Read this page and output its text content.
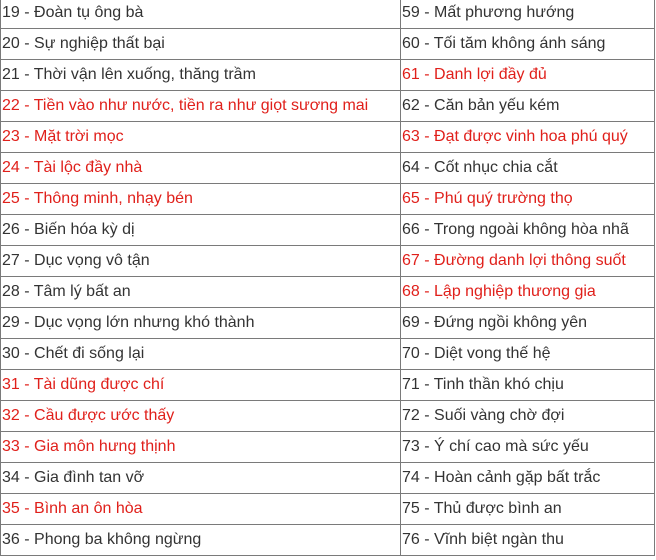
19 - Đoàn tụ ông bà	59 - Mất phương hướng
20 - Sự nghiệp thất bại	60 - Tối tăm không ánh sáng
21 - Thời vận lên xuống, thăng trầm	61 - Danh lợi đầy đủ
22 - Tiền vào như nước, tiền ra như giọt sương mai	62 - Căn bản yếu kém
23 - Mặt trời mọc	63 - Đạt được vinh hoa phú quý
24 - Tài lộc đầy nhà	64 - Cốt nhục chia cắt
25 - Thông minh, nhạy bén	65 - Phú quý trường thọ
26 - Biến hóa kỳ dị	66 - Trong ngoài không hòa nhã
27 - Dục vọng vô tận	67 - Đường danh lợi thông suốt
28 - Tâm lý bất an	68 - Lập nghiệp thương gia
29 - Dục vọng lớn nhưng khó thành	69 - Đứng ngồi không yên
30 - Chết đi sống lại	70 - Diệt vong thế hệ
31 - Tài dũng được chí	71 - Tinh thần khó chịu
32 - Cầu được ước thấy	72 - Suối vàng chờ đợi
33 - Gia môn hưng thịnh	73 - Ý chí cao mà sức yếu
34 - Gia đình tan vỡ	74 - Hoàn cảnh gặp bất trắc
35 - Bình an ôn hòa	75 - Thủ được bình an
36 - Phong ba không ngừng	76 - Vĩnh biệt ngàn thu
